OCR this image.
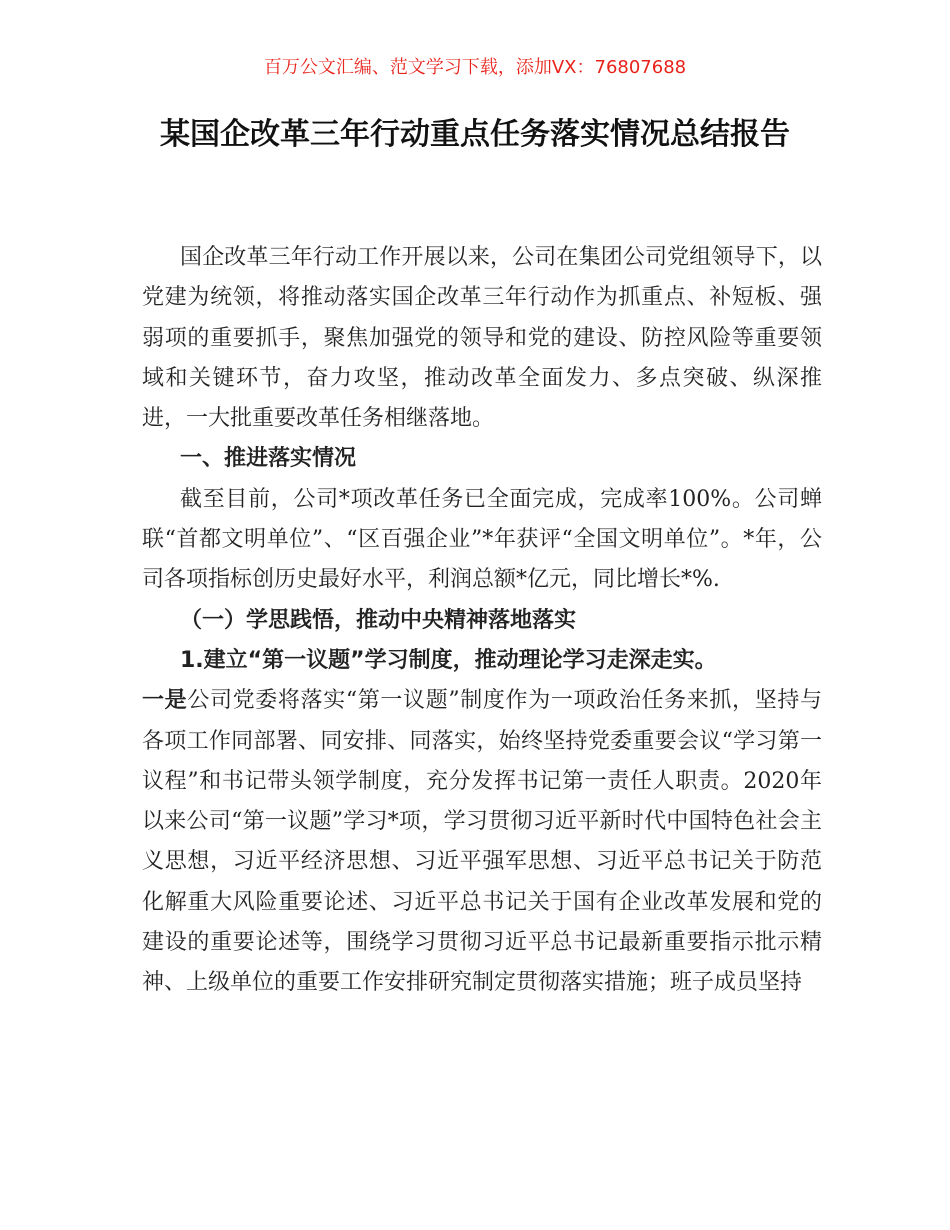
百万公文汇编、范文学习下载，添加VX：76807688
某国企改革三年行动重点任务落实情况总结报告

国企改革三年行动工作开展以来，公司在集团公司党组领导下，以党建为统领，将推动落实国企改革三年行动作为抓重点、补短板、强弱项的重要抓手，聚焦加强党的领导和党的建设、防控风险等重要领域和关键环节，奋力攻坚，推动改革全面发力、多点突破、纵深推进，一大批重要改革任务相继落地。

一、推进落实情况

截至目前，公司*项改革任务已全面完成，完成率100%。公司蝉联“首都文明单位”、“区百强企业”*年获评“全国文明单位”。*年，公司各项指标创历史最好水平，利润总额*亿元，同比增长*%.

（一）学思践悟，推动中央精神落地落实

1.建立“第一议题”学习制度，推动理论学习走深走实。

一是公司党委将落实“第一议题”制度作为一项政治任务来抓，坚持与各项工作同部署、同安排、同落实，始终坚持党委重要会议“学习第一议程”和书记带头领学制度，充分发挥书记第一责任人职责。2020年以来公司“第一议题”学习*项，学习贯彻习近平新时代中国特色社会主义思想，习近平经济思想、习近平强军思想、习近平总书记关于防范化解重大风险重要论述、习近平总书记关于国有企业改革发展和党的建设的重要论述等，围绕学习贯彻习近平总书记最新重要指示批示精神、上级单位的重要工作安排研究制定贯彻落实措施；班子成员坚持
